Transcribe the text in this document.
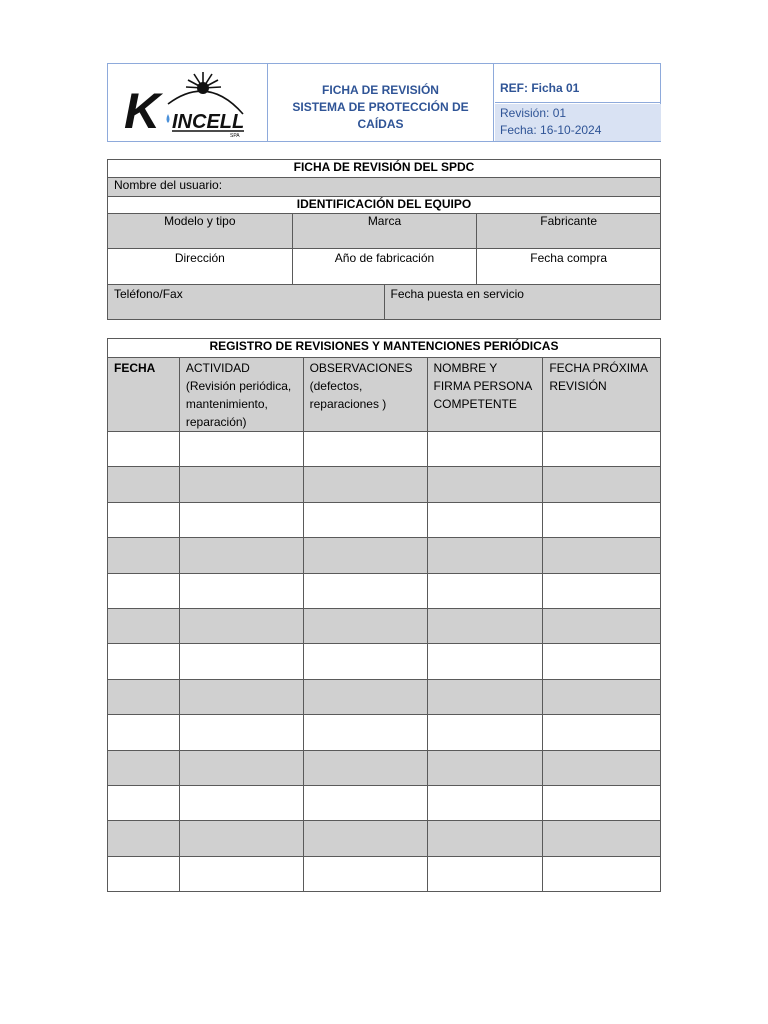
K INCELL
SPA
FICHA DE REVISIÓN
SISTEMA DE PROTECCIÓN DE CAÍDAS
REF: Ficha 01
Revisión: 01
Fecha: 16-10-2024
FICHA DE REVISIÓN DEL SPDC			
Nombre del usuario:			
IDENTIFICACIÓN DEL EQUIPO			
Modelo y tipo	Marca		Fabricante
Dirección	Año de fabricación		Fecha compra
Teléfono/Fax		Fecha puesta en servicio	
REGISTRO DE REVISIONES Y MANTENCIONES PERIÓDICAS				
FECHA	ACTIVIDAD (Revisión periódica, mantenimiento, reparación)	OBSERVACIONES (defectos, reparaciones )	NOMBRE Y FIRMA PERSONA COMPETENTE	FECHA PRÓXIMA REVISIÓN
